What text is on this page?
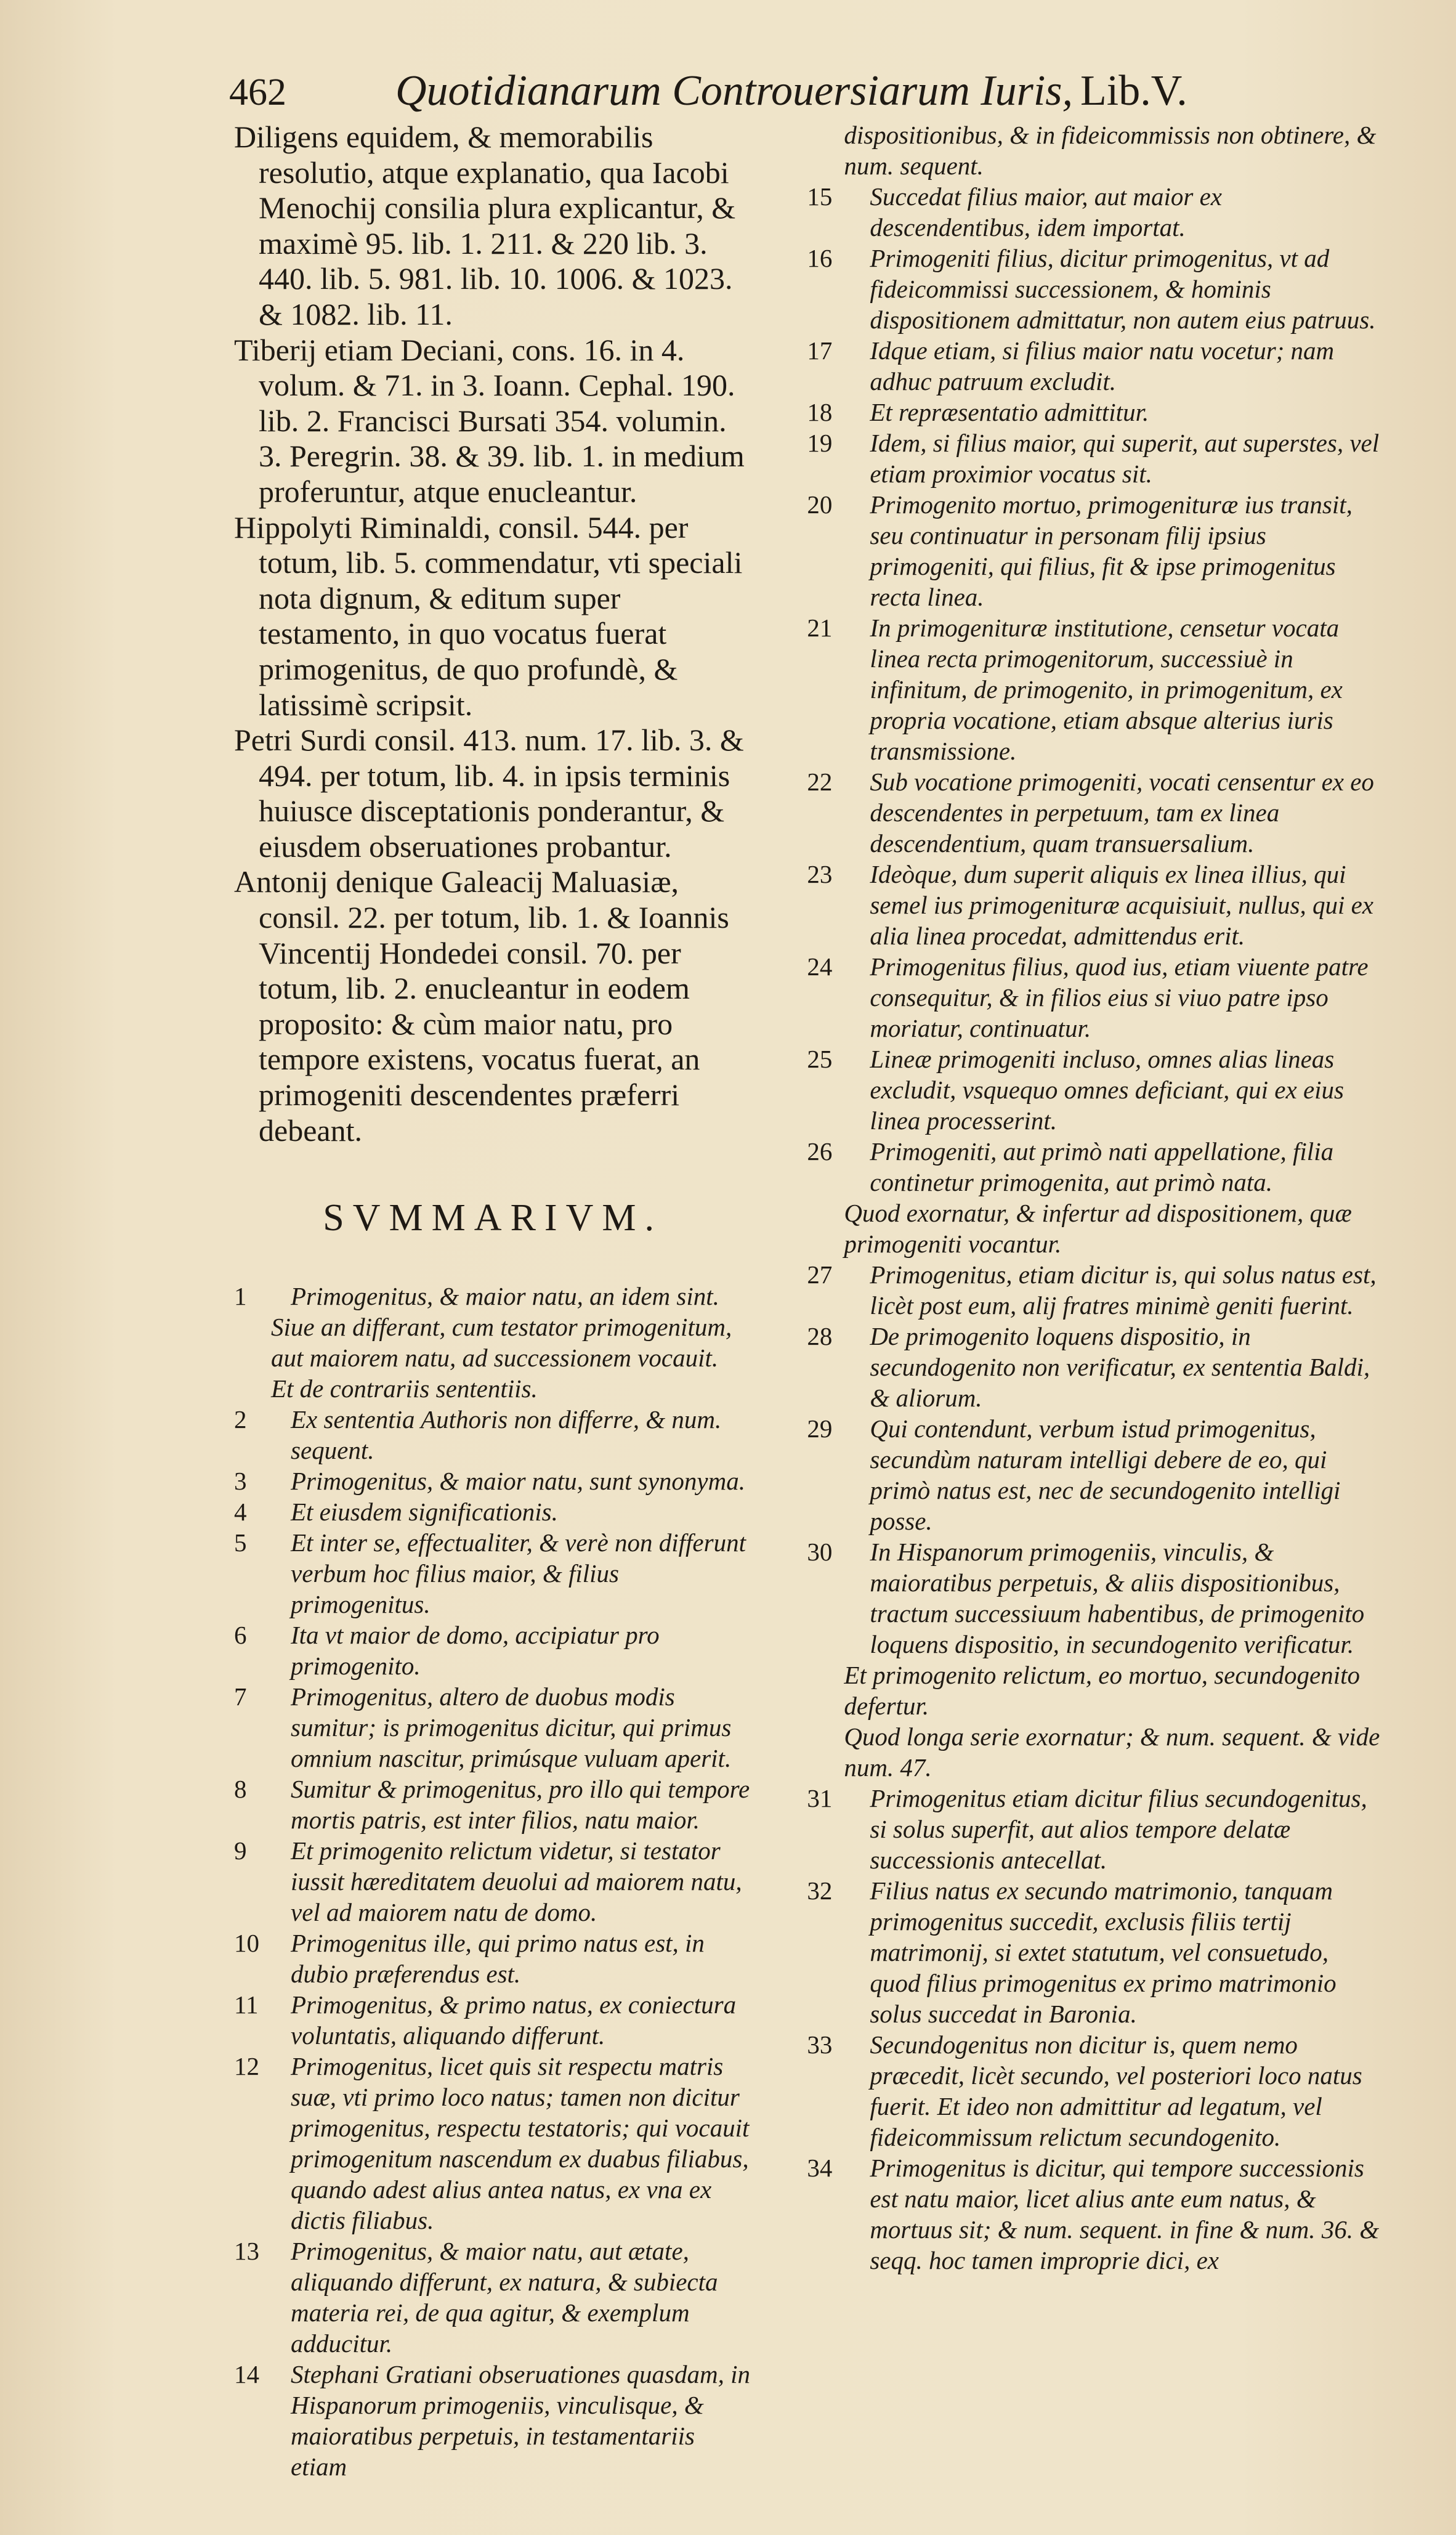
462	Quotidianarum Controuersiarum Iuris, Lib.V.

Diligens equidem, & memorabilis resolutio, atque explanatio, qua Iacobi Menochij consilia plura explicantur, & maximè 95. lib. 1. 211. & 220 lib. 3. 440. lib. 5. 981. lib. 10. 1006. & 1023. & 1082. lib. 11.

Tiberij etiam Deciani, cons. 16. in 4. volum. & 71. in 3. Ioann. Cephal. 190. lib. 2. Francisci Bursati 354. volumin. 3. Peregrin. 38. & 39. lib. 1. in medium proferuntur, atque enucleantur.

Hippolyti Riminaldi, consil. 544. per totum, lib. 5. commendatur, vti speciali nota dignum, & editum super testamento, in quo vocatus fuerat primogenitus, de quo profundè, & latissimè scripsit.

Petri Surdi consil. 413. num. 17. lib. 3. & 494. per totum, lib. 4. in ipsis terminis huiusce disceptationis ponderantur, & eiusdem obseruationes probantur.

Antonij denique Galeacij Maluasiæ, consil. 22. per totum, lib. 1. & Ioannis Vincentij Hondedei consil. 70. per totum, lib. 2. enucleantur in eodem proposito: & cùm maior natu, pro tempore existens, vocatus fuerat, an primogeniti descendentes præferri debeant.

SVMMARIVM.
1	Primogenitus, & maior natu, an idem sint.

Siue an differant, cum testator primogenitum, aut maiorem natu, ad successionem vocauit.

Et de contrariis sententiis.

2	Ex sententia Authoris non differre, & num. sequent.

3	Primogenitus, & maior natu, sunt synonyma.

4	Et eiusdem significationis.

5	Et inter se, effectualiter, & verè non differunt verbum hoc filius maior, & filius primogenitus.

6	Ita vt maior de domo, accipiatur pro primogenito.

7	Primogenitus, altero de duobus modis sumitur; is primogenitus dicitur, qui primus omnium nascitur, primúsque vuluam aperit.

8	Sumitur & primogenitus, pro illo qui tempore mortis patris, est inter filios, natu maior.

9	Et primogenito relictum videtur, si testator iussit hæreditatem deuolui ad maiorem natu, vel ad maiorem natu de domo.

10	Primogenitus ille, qui primo natus est, in dubio præferendus est.

11	Primogenitus, & primo natus, ex coniectura voluntatis, aliquando differunt.

12	Primogenitus, licet quis sit respectu matris suæ, vti primo loco natus; tamen non dicitur primogenitus, respectu testatoris; qui vocauit primogenitum nascendum ex duabus filiabus, quando adest alius antea natus, ex vna ex dictis filiabus.

13	Primogenitus, & maior natu, aut ætate, aliquando differunt, ex natura, & subiecta materia rei, de qua agitur, & exemplum adducitur.

14	Stephani Gratiani obseruationes quasdam, in Hispanorum primogeniis, vinculisque, & maioratibus perpetuis, in testamentariis etiam

dispositionibus, & in fideicommissis non obtinere, & num. sequent.

15	Succedat filius maior, aut maior ex descendentibus, idem importat.

16	Primogeniti filius, dicitur primogenitus, vt ad fideicommissi successionem, & hominis dispositionem admittatur, non autem eius patruus.

17	Idque etiam, si filius maior natu vocetur; nam adhuc patruum excludit.

18	Et repræsentatio admittitur.

19	Idem, si filius maior, qui superit, aut superstes, vel etiam proximior vocatus sit.

20	Primogenito mortuo, primogenituræ ius transit, seu continuatur in personam filij ipsius primogeniti, qui filius, fit & ipse primogenitus recta linea.

21	In primogenituræ institutione, censetur vocata linea recta primogenitorum, successiuè in infinitum, de primogenito, in primogenitum, ex propria vocatione, etiam absque alterius iuris transmissione.

22	Sub vocatione primogeniti, vocati censentur ex eo descendentes in perpetuum, tam ex linea descendentium, quam transuersalium.

23	Ideòque, dum superit aliquis ex linea illius, qui semel ius primogenituræ acquisiuit, nullus, qui ex alia linea procedat, admittendus erit.

24	Primogenitus filius, quod ius, etiam viuente patre consequitur, & in filios eius si viuo patre ipso moriatur, continuatur.

25	Lineæ primogeniti incluso, omnes alias lineas excludit, vsquequo omnes deficiant, qui ex eius linea processerint.

26	Primogeniti, aut primò nati appellatione, filia continetur primogenita, aut primò nata.

Quod exornatur, & infertur ad dispositionem, quæ primogeniti vocantur.

27	Primogenitus, etiam dicitur is, qui solus natus est, licèt post eum, alij fratres minimè geniti fuerint.

28	De primogenito loquens dispositio, in secundogenito non verificatur, ex sententia Baldi, & aliorum.

29	Qui contendunt, verbum istud primogenitus, secundùm naturam intelligi debere de eo, qui primò natus est, nec de secundogenito intelligi posse.

30	In Hispanorum primogeniis, vinculis, & maioratibus perpetuis, & aliis dispositionibus, tractum successiuum habentibus, de primogenito loquens dispositio, in secundogenito verificatur.

Et primogenito relictum, eo mortuo, secundogenito defertur.

Quod longa serie exornatur; & num. sequent. & vide num. 47.

31	Primogenitus etiam dicitur filius secundogenitus, si solus superfit, aut alios tempore delatæ successionis antecellat.

32	Filius natus ex secundo matrimonio, tanquam primogenitus succedit, exclusis filiis tertij matrimonij, si extet statutum, vel consuetudo, quod filius primogenitus ex primo matrimonio solus succedat in Baronia.

33	Secundogenitus non dicitur is, quem nemo præcedit, licèt secundo, vel posteriori loco natus fuerit. Et ideo non admittitur ad legatum, vel fideicommissum relictum secundogenito.

34	Primogenitus is dicitur, qui tempore successionis est natu maior, licet alius ante eum natus, & mortuus sit; & num. sequent. in fine & num. 36. & seqq. hoc tamen improprie dici, ex
